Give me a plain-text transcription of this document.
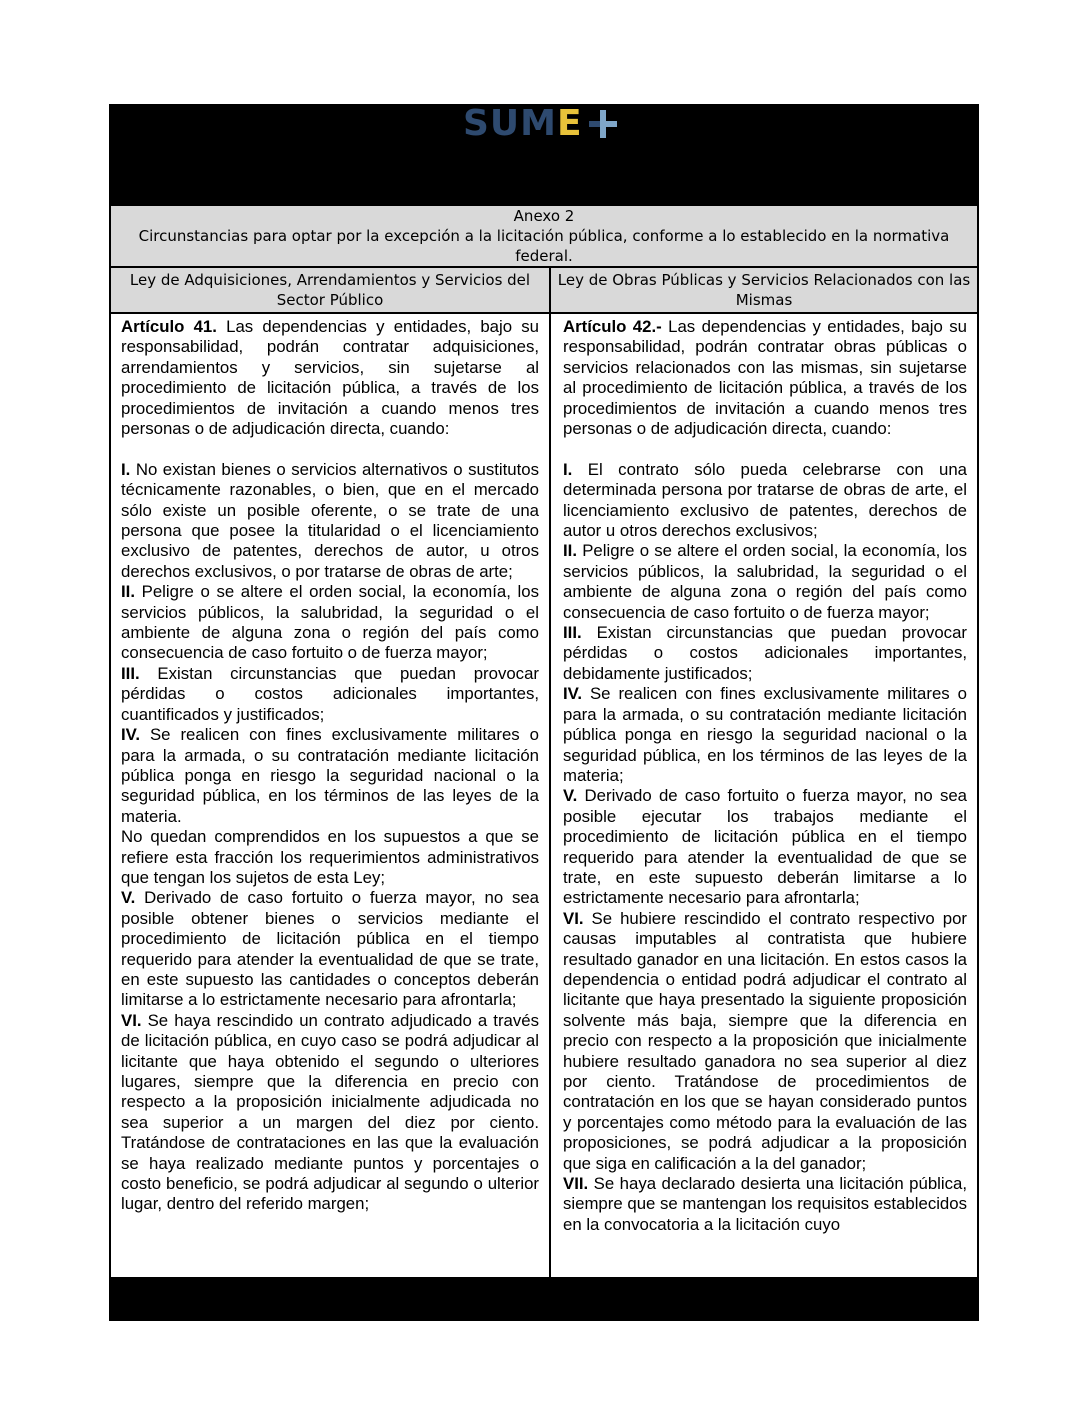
SUME
Anexo 2
Circunstancias para optar por la excepción a la licitación pública, conforme a lo establecido en la normativa federal.
Ley de Adquisiciones, Arrendamientos y Servicios del Sector Público
Ley de Obras Públicas y Servicios Relacionados con las Mismas

Artículo 41. Las dependencias y entidades, bajo su responsabilidad, podrán contratar adquisiciones, arrendamientos y servicios, sin sujetarse al procedimiento de licitación pública, a través de los procedimientos de invitación a cuando menos tres personas o de adjudicación directa, cuando:

I. No existan bienes o servicios alternativos o sustitutos técnicamente razonables, o bien, que en el mercado sólo existe un posible oferente, o se trate de una persona que posee la titularidad o el licenciamiento exclusivo de patentes, derechos de autor, u otros derechos exclusivos, o por tratarse de obras de arte;

II. Peligre o se altere el orden social, la economía, los servicios públicos, la salubridad, la seguridad o el ambiente de alguna zona o región del país como consecuencia de caso fortuito o de fuerza mayor;

III. Existan circunstancias que puedan provocar pérdidas o costos adicionales importantes, cuantificados y justificados;

IV. Se realicen con fines exclusivamente militares o para la armada, o su contratación mediante licitación pública ponga en riesgo la seguridad nacional o la seguridad pública, en los términos de las leyes de la materia.

No quedan comprendidos en los supuestos a que se refiere esta fracción los requerimientos administrativos que tengan los sujetos de esta Ley;

V. Derivado de caso fortuito o fuerza mayor, no sea posible obtener bienes o servicios mediante el procedimiento de licitación pública en el tiempo requerido para atender la eventualidad de que se trate, en este supuesto las cantidades o conceptos deberán limitarse a lo estrictamente necesario para afrontarla;

VI. Se haya rescindido un contrato adjudicado a través de licitación pública, en cuyo caso se podrá adjudicar al licitante que haya obtenido el segundo o ulteriores lugares, siempre que la diferencia en precio con respecto a la proposición inicialmente adjudicada no sea superior a un margen del diez por ciento. Tratándose de contrataciones en las que la evaluación se haya realizado mediante puntos y porcentajes o costo beneficio, se podrá adjudicar al segundo o ulterior lugar, dentro del referido margen;

Artículo 42.- Las dependencias y entidades, bajo su responsabilidad, podrán contratar obras públicas o servicios relacionados con las mismas, sin sujetarse al procedimiento de licitación pública, a través de los procedimientos de invitación a cuando menos tres personas o de adjudicación directa, cuando:

I. El contrato sólo pueda celebrarse con una determinada persona por tratarse de obras de arte, el licenciamiento exclusivo de patentes, derechos de autor u otros derechos exclusivos;

II. Peligre o se altere el orden social, la economía, los servicios públicos, la salubridad, la seguridad o el ambiente de alguna zona o región del país como consecuencia de caso fortuito o de fuerza mayor;

III. Existan circunstancias que puedan provocar pérdidas o costos adicionales importantes, debidamente justificados;

IV. Se realicen con fines exclusivamente militares o para la armada, o su contratación mediante licitación pública ponga en riesgo la seguridad nacional o la seguridad pública, en los términos de las leyes de la materia;

V. Derivado de caso fortuito o fuerza mayor, no sea posible ejecutar los trabajos mediante el procedimiento de licitación pública en el tiempo requerido para atender la eventualidad de que se trate, en este supuesto deberán limitarse a lo estrictamente necesario para afrontarla;

VI. Se hubiere rescindido el contrato respectivo por causas imputables al contratista que hubiere resultado ganador en una licitación. En estos casos la dependencia o entidad podrá adjudicar el contrato al licitante que haya presentado la siguiente proposición solvente más baja, siempre que la diferencia en precio con respecto a la proposición que inicialmente hubiere resultado ganadora no sea superior al diez por ciento. Tratándose de procedimientos de contratación en los que se hayan considerado puntos y porcentajes como método para la evaluación de las proposiciones, se podrá adjudicar a la proposición que siga en calificación a la del ganador;

VII. Se haya declarado desierta una licitación pública, siempre que se mantengan los requisitos establecidos en la convocatoria a la licitación cuyo
